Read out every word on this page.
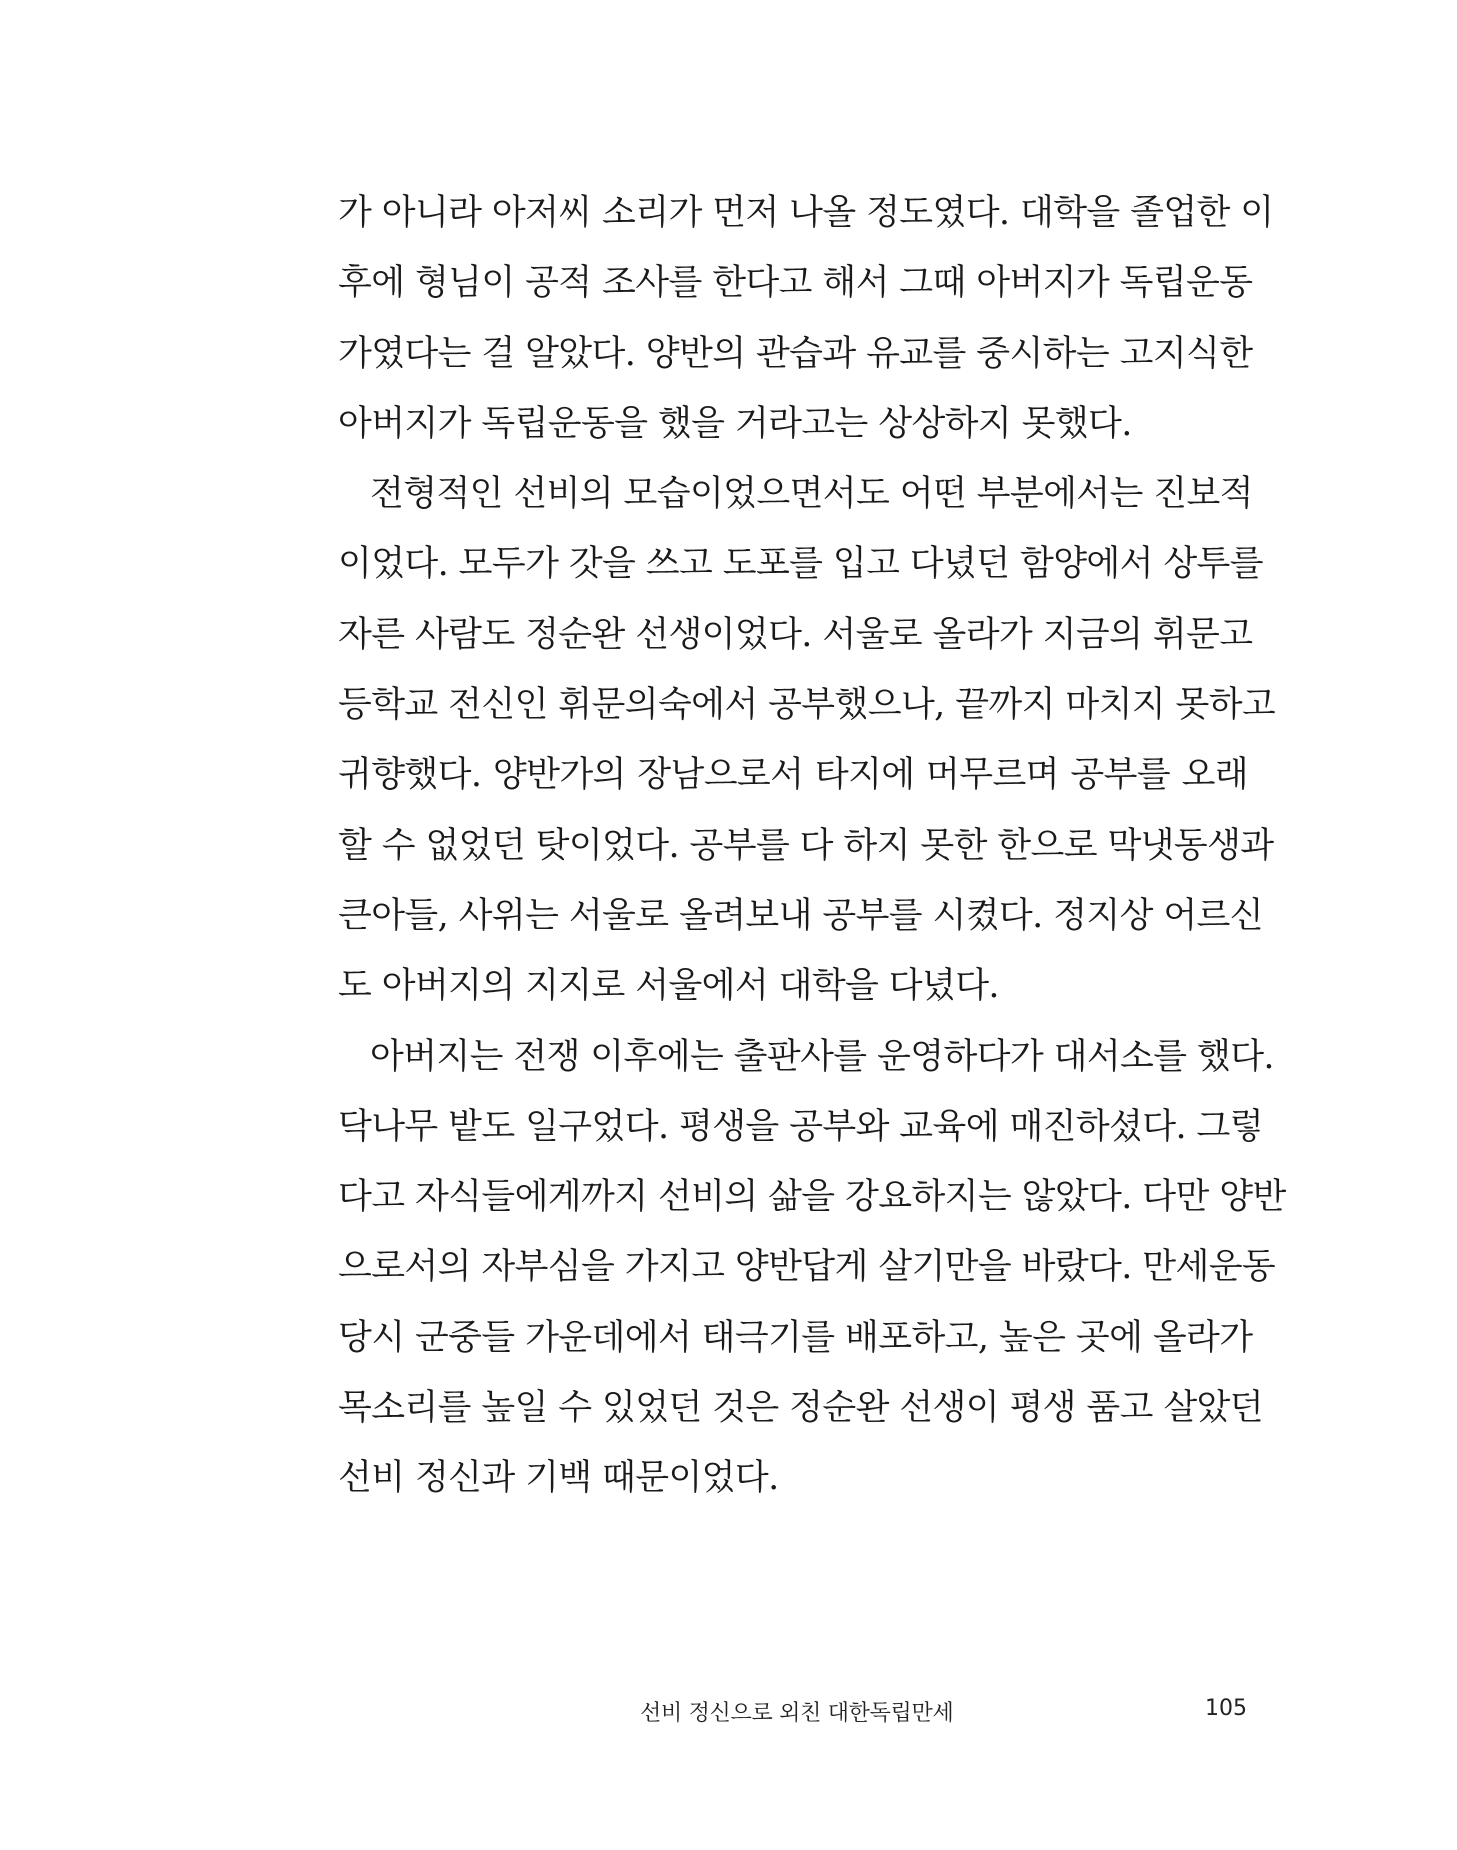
가 아니라 아저씨 소리가 먼저 나올 정도였다. 대학을 졸업한 이
후에 형님이 공적 조사를 한다고 해서 그때 아버지가 독립운동
가였다는 걸 알았다. 양반의 관습과 유교를 중시하는 고지식한
아버지가 독립운동을 했을 거라고는 상상하지 못했다.
전형적인 선비의 모습이었으면서도 어떤 부분에서는 진보적
이었다. 모두가 갓을 쓰고 도포를 입고 다녔던 함양에서 상투를
자른 사람도 정순완 선생이었다. 서울로 올라가 지금의 휘문고
등학교 전신인 휘문의숙에서 공부했으나, 끝까지 마치지 못하고
귀향했다. 양반가의 장남으로서 타지에 머무르며 공부를 오래
할 수 없었던 탓이었다. 공부를 다 하지 못한 한으로 막냇동생과
큰아들, 사위는 서울로 올려보내 공부를 시켰다. 정지상 어르신
도 아버지의 지지로 서울에서 대학을 다녔다.
아버지는 전쟁 이후에는 출판사를 운영하다가 대서소를 했다.
닥나무 밭도 일구었다. 평생을 공부와 교육에 매진하셨다. 그렇
다고 자식들에게까지 선비의 삶을 강요하지는 않았다. 다만 양반
으로서의 자부심을 가지고 양반답게 살기만을 바랐다. 만세운동
당시 군중들 가운데에서 태극기를 배포하고, 높은 곳에 올라가
목소리를 높일 수 있었던 것은 정순완 선생이 평생 품고 살았던
선비 정신과 기백 때문이었다.
선비 정신으로 외친 대한독립만세	105
